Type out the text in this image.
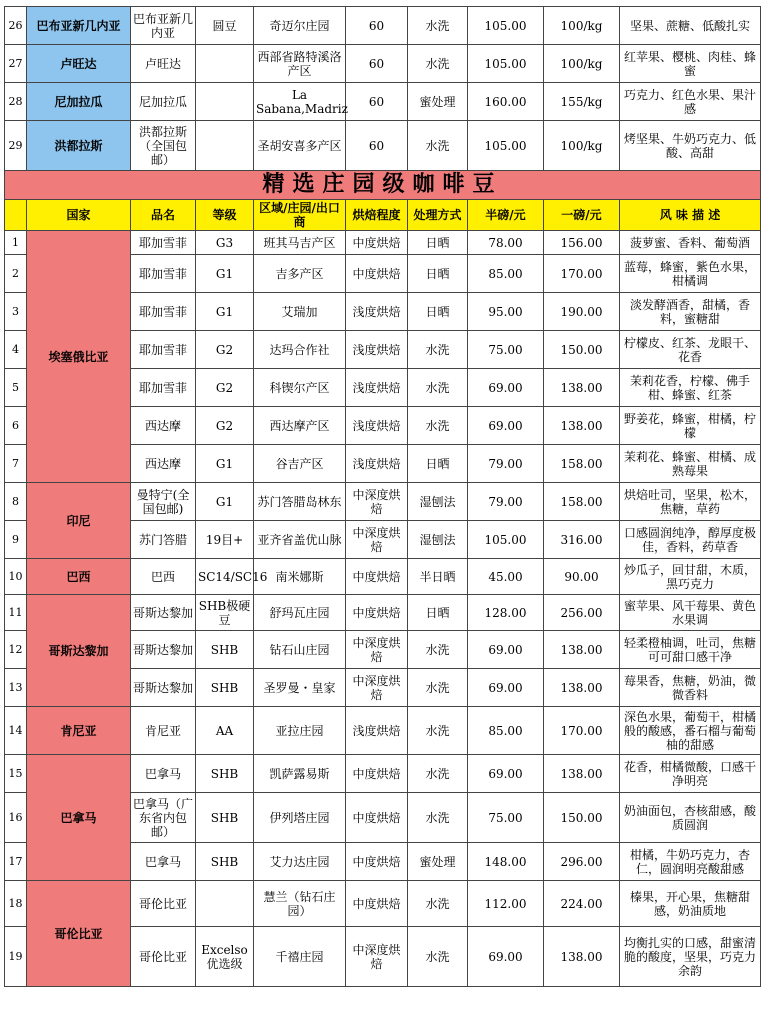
26	巴布亚新几内亚	巴布亚新几内亚	圆豆	奇迈尔庄园	60	水洗	105.00	100/kg	坚果、蔗糖、低酸扎实
27	卢旺达	卢旺达		西部省路特溪洛产区	60	水洗	105.00	100/kg	红苹果、樱桃、肉桂、蜂蜜
28	尼加拉瓜	尼加拉瓜		La Sabana,Madriz	60	蜜处理	160.00	155/kg	巧克力、红色水果、果汁感
29	洪都拉斯	洪都拉斯（全国包邮）		圣胡安喜多产区	60	水洗	105.00	100/kg	烤坚果、牛奶巧克力、低酸、高甜
精选庄园级咖啡豆									
	国家	品名	等级	区域/庄园/出口商	烘焙程度	处理方式	半磅/元	一磅/元	风 味 描 述
1	埃塞俄比亚	耶加雪菲	G3	班其马吉产区	中度烘焙	日晒	78.00	156.00	菠萝蜜、香料、葡萄酒
2		耶加雪菲	G1	吉多产区	中度烘焙	日晒	85.00	170.00	蓝莓，蜂蜜，紫色水果，柑橘调
3		耶加雪菲	G1	艾瑞加	浅度烘焙	日晒	95.00	190.00	淡发酵酒香，甜橘，香料，蜜糖甜
4		耶加雪菲	G2	达玛合作社	浅度烘焙	水洗	75.00	150.00	柠檬皮、红茶、龙眼干、花香
5		耶加雪菲	G2	科锲尔产区	浅度烘焙	水洗	69.00	138.00	茉莉花香，柠檬、佛手柑、蜂蜜、红茶
6		西达摩	G2	西达摩产区	浅度烘焙	水洗	69.00	138.00	野姜花，蜂蜜，柑橘，柠檬
7		西达摩	G1	谷吉产区	浅度烘焙	日晒	79.00	158.00	茉莉花、蜂蜜、柑橘、成熟莓果
8	印尼	曼特宁(全国包邮)	G1	苏门答腊岛林东	中深度烘焙	湿刨法	79.00	158.00	烘焙吐司，坚果，松木，焦糖，草药
9		苏门答腊	19目+	亚齐省盖优山脉	中深度烘焙	湿刨法	105.00	316.00	口感圆润纯净，醇厚度极佳，香料，药草香
10	巴西	巴西	SC14/SC16	南米娜斯	中度烘焙	半日晒	45.00	90.00	炒瓜子，回甘甜，木质，黑巧克力
11	哥斯达黎加	哥斯达黎加	SHB极硬豆	舒玛瓦庄园	中度烘焙	日晒	128.00	256.00	蜜苹果、风干莓果、黄色水果调
12		哥斯达黎加	SHB	钻石山庄园	中深度烘焙	水洗	69.00	138.00	轻柔橙柚调，吐司，焦糖可可甜口感干净
13		哥斯达黎加	SHB	圣罗曼・皇家	中深度烘焙	水洗	69.00	138.00	莓果香，焦糖，奶油，微微香料
14	肯尼亚	肯尼亚	AA	亚拉庄园	浅度烘焙	水洗	85.00	170.00	深色水果，葡萄干，柑橘般的酸感，番石榴与葡萄柚的甜感
15	巴拿马	巴拿马	SHB	凯萨露易斯	中度烘焙	水洗	69.00	138.00	花香，柑橘微酸，口感干净明亮
16		巴拿马（广东省内包邮）	SHB	伊列塔庄园	中度烘焙	水洗	75.00	150.00	奶油面包，杏核甜感，酸质圆润
17		巴拿马	SHB	艾力达庄园	中度烘焙	蜜处理	148.00	296.00	柑橘，牛奶巧克力，杏仁，圆润明亮酸甜感
18	哥伦比亚	哥伦比亚		慧兰（钻石庄园）	中度烘焙	水洗	112.00	224.00	榛果，开心果，焦糖甜感，奶油质地
19		哥伦比亚	Excelso优选级	千禧庄园	中深度烘焙	水洗	69.00	138.00	均衡扎实的口感，甜蜜清脆的酸度，坚果，巧克力余韵
